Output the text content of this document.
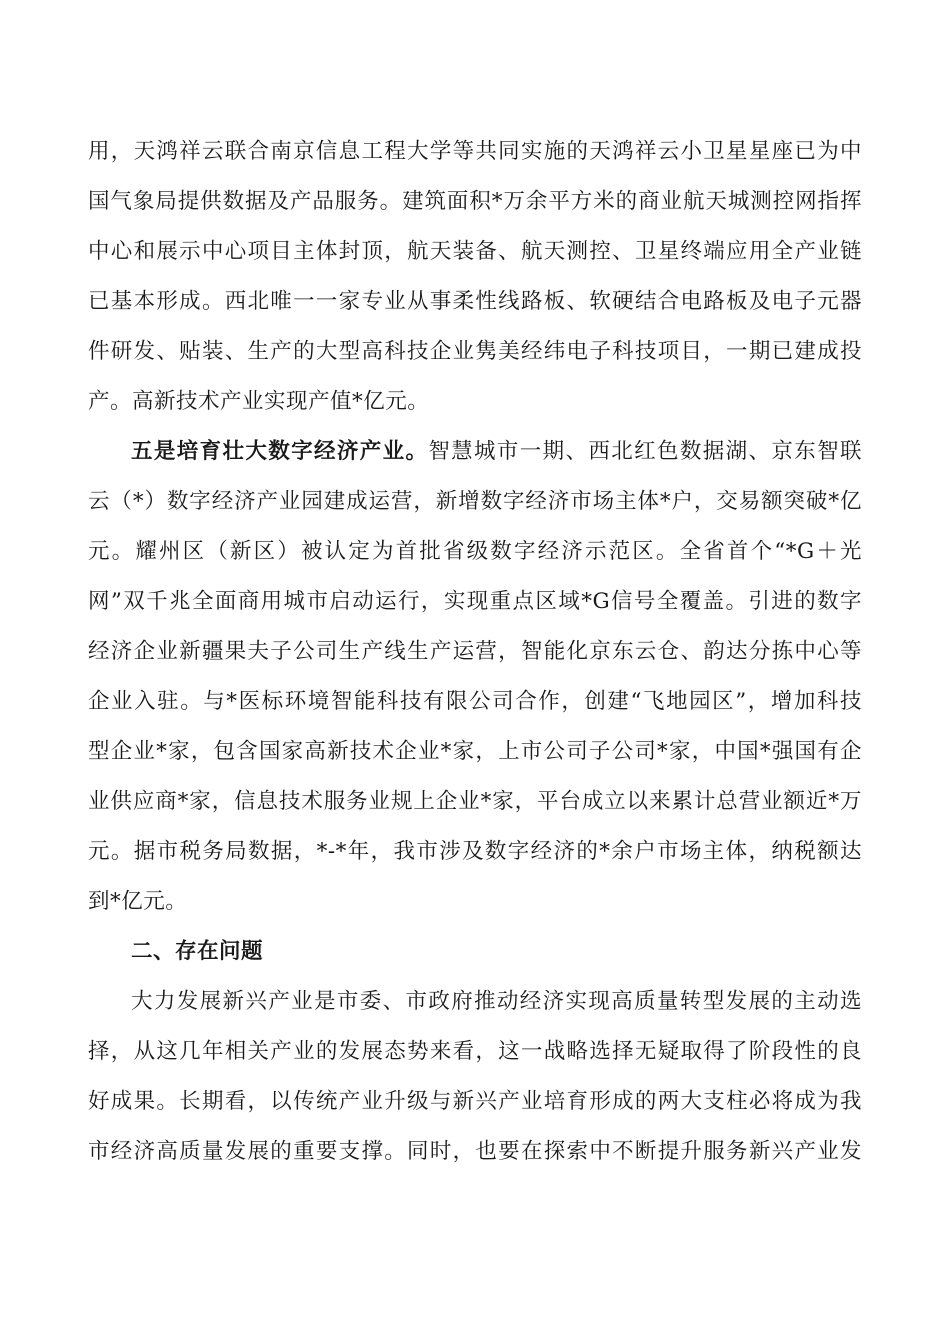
用，天鸿祥云联合南京信息工程大学等共同实施的天鸿祥云小卫星星座已为中
国气象局提供数据及产品服务。建筑面积*万余平方米的商业航天城测控网指挥
中心和展示中心项目主体封顶，航天装备、航天测控、卫星终端应用全产业链
已基本形成。西北唯一一家专业从事柔性线路板、软硬结合电路板及电子元器
件研发、贴装、生产的大型高科技企业隽美经纬电子科技项目，一期已建成投
产。高新技术产业实现产值*亿元。
五是培育壮大数字经济产业。智慧城市一期、西北红色数据湖、京东智联
云（*）数字经济产业园建成运营，新增数字经济市场主体*户，交易额突破*亿
元。耀州区（新区）被认定为首批省级数字经济示范区。全省首个“*G＋光
网”双千兆全面商用城市启动运行，实现重点区域*G信号全覆盖。引进的数字
经济企业新疆果夫子公司生产线生产运营，智能化京东云仓、韵达分拣中心等
企业入驻。与*医标环境智能科技有限公司合作，创建“飞地园区”，增加科技
型企业*家，包含国家高新技术企业*家，上市公司子公司*家，中国*强国有企
业供应商*家，信息技术服务业规上企业*家，平台成立以来累计总营业额近*万
元。据市税务局数据，*-*年，我市涉及数字经济的*余户市场主体，纳税额达
到*亿元。
二、存在问题
大力发展新兴产业是市委、市政府推动经济实现高质量转型发展的主动选
择，从这几年相关产业的发展态势来看，这一战略选择无疑取得了阶段性的良
好成果。长期看，以传统产业升级与新兴产业培育形成的两大支柱必将成为我
市经济高质量发展的重要支撑。同时，也要在探索中不断提升服务新兴产业发
